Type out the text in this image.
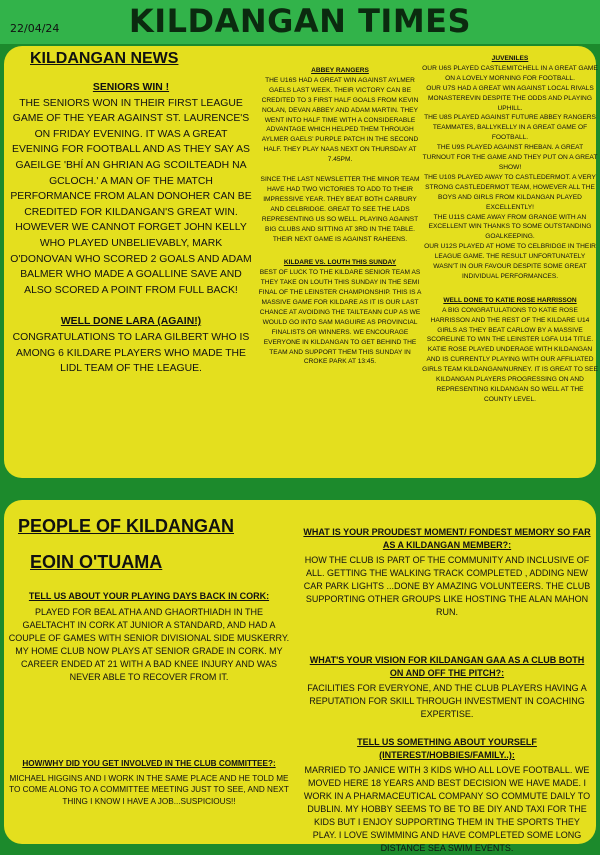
22/04/24	KILDANGAN TIMES
KILDANGAN NEWS

SENIORS WIN !

THE SENIORS WON IN THEIR FIRST LEAGUE GAME OF THE YEAR AGAINST ST. LAURENCE'S ON FRIDAY EVENING. IT WAS A GREAT EVENING FOR FOOTBALL AND AS THEY SAY AS GAEILGE 'BHÍ AN GHRIAN AG SCOILTEADH NA GCLOCH.' A MAN OF THE MATCH PERFORMANCE FROM ALAN DONOHER CAN BE CREDITED FOR KILDANGAN'S GREAT WIN. HOWEVER WE CANNOT FORGET JOHN KELLY WHO PLAYED UNBELIEVABLY, MARK O'DONOVAN WHO SCORED 2 GOALS AND ADAM BALMER WHO MADE A GOALLINE SAVE AND ALSO SCORED A POINT FROM FULL BACK!

WELL DONE LARA (AGAIN!)

CONGRATULATIONS TO LARA GILBERT WHO IS AMONG 6 KILDARE PLAYERS WHO MADE THE LIDL TEAM OF THE LEAGUE.

ABBEY RANGERS

THE U16S HAD A GREAT WIN AGAINST AYLMER GAELS LAST WEEK. THEIR VICTORY CAN BE CREDITED TO 3 FIRST HALF GOALS FROM KEVIN NOLAN, DEVAN ABBEY AND ADAM MARTIN. THEY WENT INTO HALF TIME WITH A CONSIDERABLE ADVANTAGE WHICH HELPED THEM THROUGH AYLMER GAELS' PURPLE PATCH IN THE SECOND HALF. THEY PLAY NAAS NEXT ON THURSDAY AT 7.45PM.

SINCE THE LAST NEWSLETTER THE MINOR TEAM HAVE HAD TWO VICTORIES TO ADD TO THEIR IMPRESSIVE YEAR. THEY BEAT BOTH CARBURY AND CELBRIDGE. GREAT TO SEE THE LADS REPRESENTING US SO WELL. PLAYING AGAINST BIG CLUBS AND SITTING AT 3RD IN THE TABLE. THEIR NEXT GAME IS AGAINST RAHEENS.

KILDARE VS. LOUTH THIS SUNDAY

BEST OF LUCK TO THE KILDARE SENIOR TEAM AS THEY TAKE ON LOUTH THIS SUNDAY IN THE SEMI FINAL OF THE LEINSTER CHAMPIONSHIP. THIS IS A MASSIVE GAME FOR KILDARE AS IT IS OUR LAST CHANCE AT AVOIDING THE TAILTEANN CUP AS WE WOULD GO INTO SAM MAGUIRE AS PROVINCIAL FINALISTS OR WINNERS. WE ENCOURAGE EVERYONE IN KILDANGAN TO GET BEHIND THE TEAM AND SUPPORT THEM THIS SUNDAY IN CROKE PARK AT 13:45.

JUVENILES

OUR U6S PLAYED CASTLEMITCHELL IN A GREAT GAME ON A LOVELY MORNING FOR FOOTBALL.

OUR U7S HAD A GREAT WIN AGAINST LOCAL RIVALS MONASTEREVIN DESPITE THE ODDS AND PLAYING UPHILL.

THE U8S PLAYED AGAINST FUTURE ABBEY RANGERS TEAMMATES, BALLYKELLY IN A GREAT GAME OF FOOTBALL.

THE U9S PLAYED AGAINST RHEBAN. A GREAT TURNOUT FOR THE GAME AND THEY PUT ON A GREAT SHOW!

THE U10S PLAYED AWAY TO CASTLEDERMOT. A VERY STRONG CASTLEDERMOT TEAM, HOWEVER ALL THE BOYS AND GIRLS FROM KILDANGAN PLAYED EXCELLENTLY!

THE U11S CAME AWAY FROM GRANGE WITH AN EXCELLENT WIN THANKS TO SOME OUTSTANDING GOALKEEPING.

OUR U12S PLAYED AT HOME TO CELBRIDGE IN THEIR LEAGUE GAME. THE RESULT UNFORTUNATELY WASN'T IN OUR FAVOUR DESPITE SOME GREAT INDIVIDUAL PERFORMANCES.

WELL DONE TO KATIE ROSE HARRISSON

A BIG CONGRATULATIONS TO KATIE ROSE HARRISSON AND THE REST OF THE KILDARE U14 GIRLS AS THEY BEAT CARLOW BY A MASSIVE SCORELINE TO WIN THE LEINSTER LGFA U14 TITLE. KATIE ROSE PLAYED UNDERAGE WITH KILDANGAN AND IS CURRENTLY PLAYING WITH OUR AFFILIATED GIRLS TEAM KILDANGAN/NURNEY. IT IS GREAT TO SEE KILDANGAN PLAYERS PROGRESSING ON AND REPRESENTING KILDANGAN SO WELL AT THE COUNTY LEVEL.

PEOPLE OF KILDANGAN
EOIN O'TUAMA
TELL US ABOUT YOUR PLAYING DAYS BACK IN CORK:
PLAYED FOR BEAL ATHA AND GHAORTHIADH IN THE GAELTACHT IN CORK AT JUNIOR A STANDARD, AND HAD A COUPLE OF GAMES WITH SENIOR DIVISIONAL SIDE MUSKERRY. MY HOME CLUB NOW PLAYS AT SENIOR GRADE IN CORK. MY CAREER ENDED AT 21 WITH A BAD KNEE INJURY AND WAS NEVER ABLE TO RECOVER FROM IT.
HOW/WHY DID YOU GET INVOLVED IN THE CLUB COMMITTEE?:
MICHAEL HIGGINS AND I WORK IN THE SAME PLACE AND HE TOLD ME TO COME ALONG TO A COMMITTEE MEETING JUST TO SEE, AND NEXT THING I KNOW I HAVE A JOB...SUSPICIOUS!!
WHAT IS YOUR PROUDEST MOMENT/ FONDEST MEMORY SO FAR AS A KILDANGAN MEMBER?:
HOW THE CLUB IS PART OF THE COMMUNITY AND INCLUSIVE OF ALL. GETTING THE WALKING TRACK COMPLETED , ADDING NEW CAR PARK LIGHTS ...DONE BY AMAZING VOLUNTEERS. THE CLUB SUPPORTING OTHER GROUPS LIKE HOSTING THE ALAN MAHON RUN.
WHAT'S YOUR VISION FOR KILDANGAN GAA AS A CLUB BOTH ON AND OFF THE PITCH?:
FACILITIES FOR EVERYONE, AND THE CLUB PLAYERS HAVING A REPUTATION FOR SKILL THROUGH INVESTMENT IN COACHING EXPERTISE.
TELL US SOMETHING ABOUT YOURSELF (INTEREST/HOBBIES/FAMILY..):
MARRIED TO JANICE WITH 3 KIDS WHO ALL LOVE FOOTBALL. WE MOVED HERE 18 YEARS AND BEST DECISION WE HAVE MADE. I WORK IN A PHARMACEUTICAL COMPANY SO COMMUTE DAILY TO DUBLIN. MY HOBBY SEEMS TO BE TO BE DIY AND TAXI FOR THE KIDS BUT I ENJOY SUPPORTING THEM IN THE SPORTS THEY PLAY. I LOVE SWIMMING AND HAVE COMPLETED SOME LONG DISTANCE SEA SWIM EVENTS.
